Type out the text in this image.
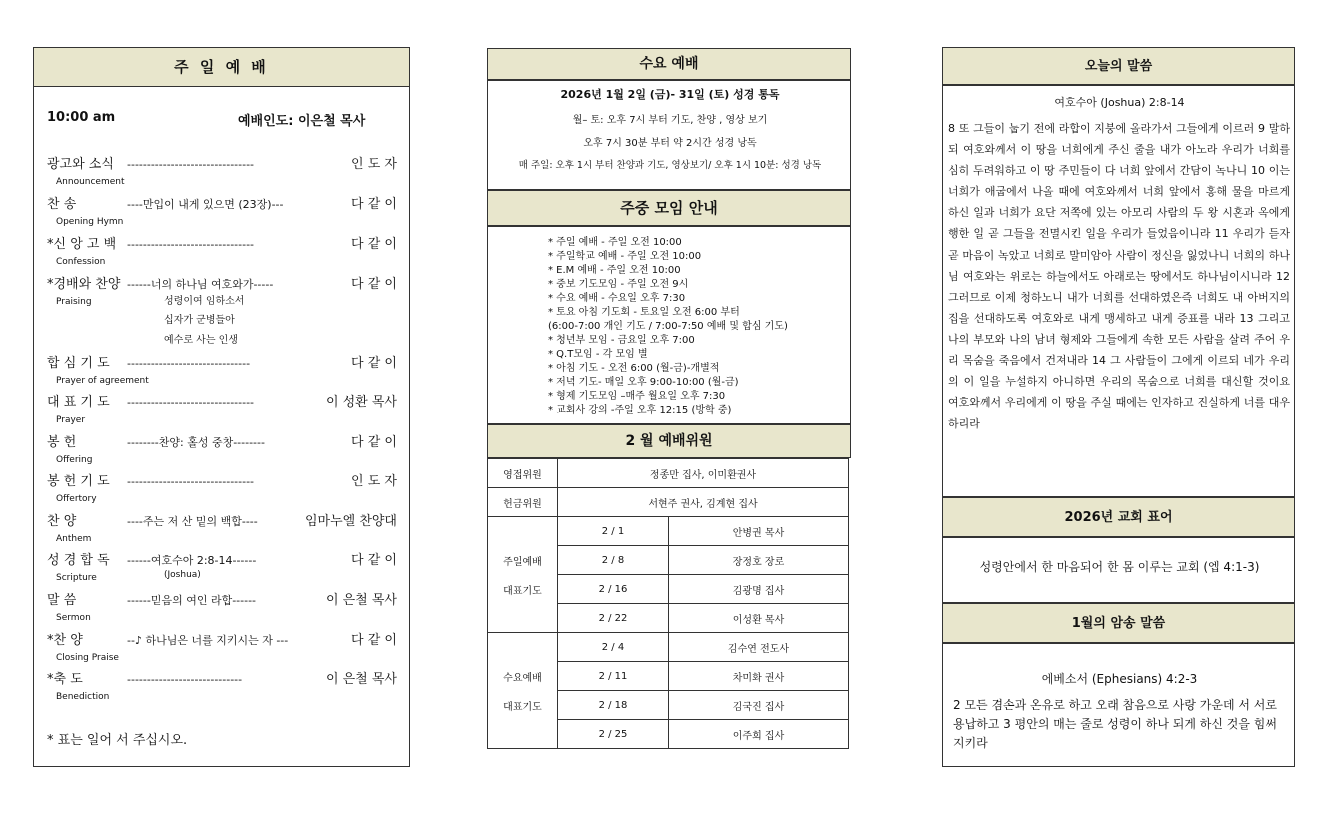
주 일 예 배
10:00 am	예배인도: 이은철 목사
광고와 소식 --------------------------------	인 도 자
Announcement
찬 송	----만입이 내게 있으면 (23장)---	다 같 이
Opening Hymn
*신 앙 고 백 --------------------------------	다 같 이
Confession
*경배와 찬양 ------너의 하나님 여호와가-----	다 같 이
Praising
합 심 기 도 -------------------------------	다 같 이
Prayer of agreement
대 표 기 도 --------------------------------	이 성환 목사
Prayer
봉 헌	--------찬양: 홀성 중창--------	다 같 이
Offering
봉 헌 기 도 --------------------------------	인 도 자
Offertory
찬 양	----주는 저 산 밑의 백합----	임마누엘 찬양대
Anthem
성 경 합 독 ------여호수아 2:8-14------	다 같 이
Scripture
말 씀	------믿음의 여인 라합------	이 은철 목사
Sermon
*찬 양	--♪ 하나님은 너를 지키시는 자 ---	다 같 이
Closing Praise
*축 도	-----------------------------	이 은철 목사
Benediction
성령이여 임하소서
십자가 군병들아
예수로 사는 인생
(Joshua)
* 표는 일어 서 주십시오.
수요 예배
2026년 1월 2일 (금)- 31일 (토) 성경 통독
월– 토: 오후 7시 부터 기도, 찬양 , 영상 보기
오후 7시 30분 부터 약 2시간 성경 낭독
매 주일: 오후 1시 부터 찬양과 기도, 영상보기/ 오후 1시 10분: 성경 낭독
주중 모임 안내
* 주일 예배 - 주일 오전 10:00
* 주일학교 예배 - 주일 오전 10:00
* E.M 예배 - 주일 오전 10:00
* 중보 기도모임 - 주일 오전 9시
* 수요 예배 - 수요일 오후 7:30
* 토요 아침 기도회 - 토요일 오전 6:00 부터
(6:00-7:00 개인 기도 / 7:00-7:50 예배 및 합심 기도)
* 청년부 모임 - 금요일 오후 7:00
* Q.T모임 - 각 모임 별
* 아침 기도 - 오전 6:00 (월-금)-개별적
* 저녁 기도- 매일 오후 9:00-10:00 (월-금)
* 형제 기도모임 –매주 월요일 오후 7:30
* 교회사 강의 -주일 오후 12:15 (방학 중)
2 월 예배위원
영접위원	정종만 집사, 이미환권사	
헌금위원	서현주 권사, 김계현 집사	

주일예배
대표기도	2 / 1	안병권 목사
	2 / 8	장정호 장로
	2 / 16	김광명 집사
	2 / 22	이성환 목사

수요예배
대표기도	2 / 4	김수연 전도사
	2 / 11	차미화 권사
	2 / 18	김국진 집사
	2 / 25	이주희 집사
오늘의 말씀
여호수아 (Joshua) 2:8-14
8 또 그들이 눕기 전에 라합이 지붕에 올라가서 그들에게 이르러 9 말하되 여호와께서 이 땅을 너희에게 주신 줄을 내가 아노라 우리가 너희를 심히 두려워하고 이 땅 주민들이 다 너희 앞에서 간담이 녹나니 10 이는 너희가 애굽에서 나올 때에 여호와께서 너희 앞에서 홍해 물을 마르게 하신 일과 너희가 요단 저쪽에 있는 아모리 사람의 두 왕 시혼과 옥에게 행한 일 곧 그들을 전멸시킨 일을 우리가 들었음이니라 11 우리가 듣자 곧 마음이 녹았고 너희로 말미암아 사람이 정신을 잃었나니 너희의 하나님 여호와는 위로는 하늘에서도 아래로는 땅에서도 하나님이시니라 12 그러므로 이제 청하노니 내가 너희를 선대하였은즉 너희도 내 아버지의 집을 선대하도록 여호와로 내게 맹세하고 내게 증표를 내라 13 그리고 나의 부모와 나의 남녀 형제와 그들에게 속한 모든 사람을 살려 주어 우리 목숨을 죽음에서 건져내라 14 그 사람들이 그에게 이르되 네가 우리의 이 일을 누설하지 아니하면 우리의 목숨으로 너희를 대신할 것이요 여호와께서 우리에게 이 땅을 주실 때에는 인자하고 진실하게 너를 대우하리라
2026년 교회 표어
성령안에서 한 마음되어 한 몸 이루는 교회 (엡 4:1-3)
1월의 암송 말씀
에베소서 (Ephesians) 4:2-3
2 모든 겸손과 온유로 하고 오래 참음으로 사랑 가운데 서 서로 용납하고 3 평안의 매는 줄로 성령이 하나 되게 하신 것을 힘써 지키라
